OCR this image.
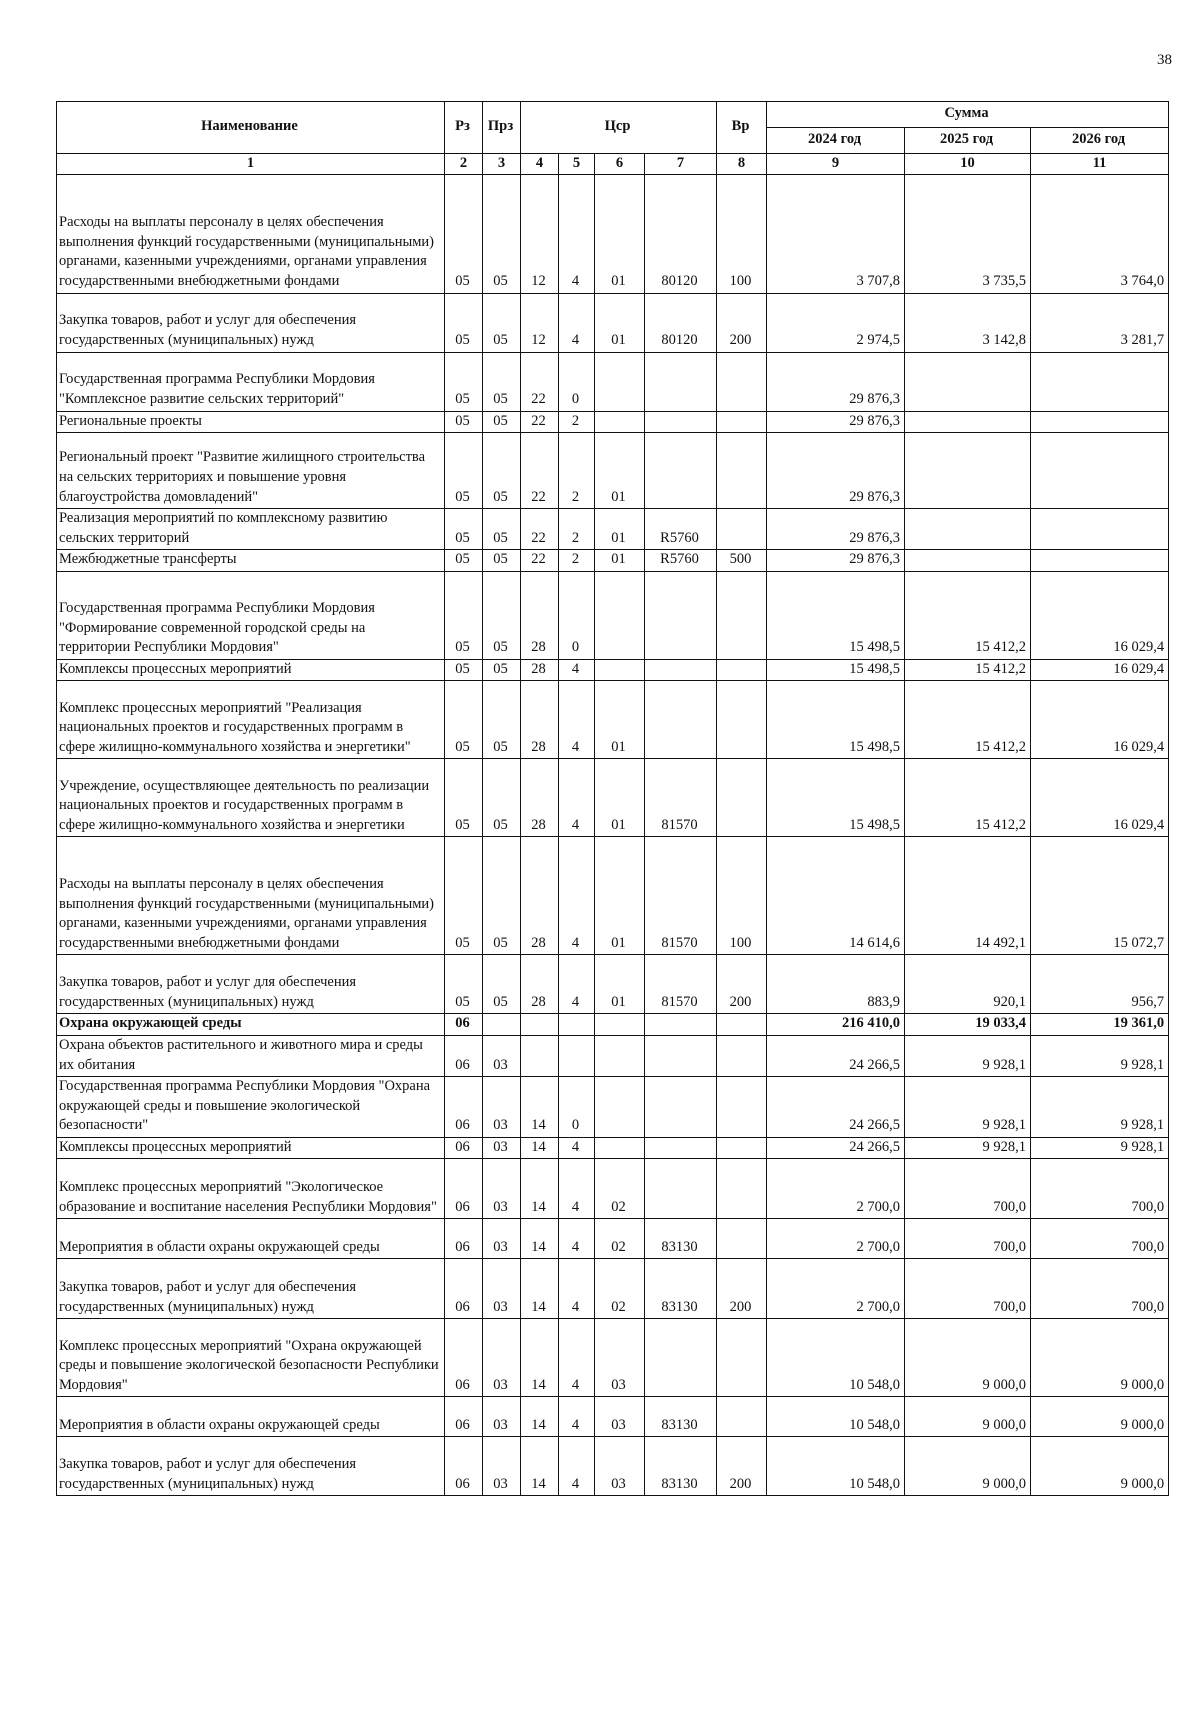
38
Наименование	Рз	Прз	Цср				Вр	Сумма		
								2024 год	2025 год	2026 год
1	2	3	4	5	6	7	8	9	10	11
Расходы на выплаты персоналу в целях обеспечения выполнения функций государственными (муниципальными) органами, казенными учреждениями, органами управления государственными внебюджетными фондами	05	05	12	4	01	80120	100	3 707,8	3 735,5	3 764,0
Закупка товаров, работ и услуг для обеспечения государственных (муниципальных) нужд	05	05	12	4	01	80120	200	2 974,5	3 142,8	3 281,7
Государственная программа Республики Мордовия "Комплексное развитие сельских территорий"	05	05	22	0				29 876,3		
Региональные проекты	05	05	22	2				29 876,3		
Региональный проект "Развитие жилищного строительства на сельских территориях и повышение уровня благоустройства домовладений"	05	05	22	2	01			29 876,3		
Реализация мероприятий по комплексному развитию сельских территорий	05	05	22	2	01	R5760		29 876,3		
Межбюджетные трансферты	05	05	22	2	01	R5760	500	29 876,3		
Государственная программа Республики Мордовия "Формирование современной городской среды на территории Республики Мордовия"	05	05	28	0				15 498,5	15 412,2	16 029,4
Комплексы процессных мероприятий	05	05	28	4				15 498,5	15 412,2	16 029,4
Комплекс процессных мероприятий "Реализация национальных проектов и государственных программ в сфере жилищно-коммунального хозяйства и энергетики"	05	05	28	4	01			15 498,5	15 412,2	16 029,4
Учреждение, осуществляющее деятельность по реализации национальных проектов и государственных программ в сфере жилищно-коммунального хозяйства и энергетики	05	05	28	4	01	81570		15 498,5	15 412,2	16 029,4
Расходы на выплаты персоналу в целях обеспечения выполнения функций государственными (муниципальными) органами, казенными учреждениями, органами управления государственными внебюджетными фондами	05	05	28	4	01	81570	100	14 614,6	14 492,1	15 072,7
Закупка товаров, работ и услуг для обеспечения государственных (муниципальных) нужд	05	05	28	4	01	81570	200	883,9	920,1	956,7
Охрана окружающей среды	06							216 410,0	19 033,4	19 361,0
Охрана объектов растительного и животного мира и среды их обитания	06	03						24 266,5	9 928,1	9 928,1
Государственная программа Республики Мордовия "Охрана окружающей среды и повышение экологической безопасности"	06	03	14	0				24 266,5	9 928,1	9 928,1
Комплексы процессных мероприятий	06	03	14	4				24 266,5	9 928,1	9 928,1
Комплекс процессных мероприятий "Экологическое образование и воспитание населения Республики Мордовия"	06	03	14	4	02			2 700,0	700,0	700,0
Мероприятия в области охраны окружающей среды	06	03	14	4	02	83130		2 700,0	700,0	700,0
Закупка товаров, работ и услуг для обеспечения государственных (муниципальных) нужд	06	03	14	4	02	83130	200	2 700,0	700,0	700,0
Комплекс процессных мероприятий "Охрана окружающей среды и повышение экологической безопасности Республики Мордовия"	06	03	14	4	03			10 548,0	9 000,0	9 000,0
Мероприятия в области охраны окружающей среды	06	03	14	4	03	83130		10 548,0	9 000,0	9 000,0
Закупка товаров, работ и услуг для обеспечения государственных (муниципальных) нужд	06	03	14	4	03	83130	200	10 548,0	9 000,0	9 000,0
